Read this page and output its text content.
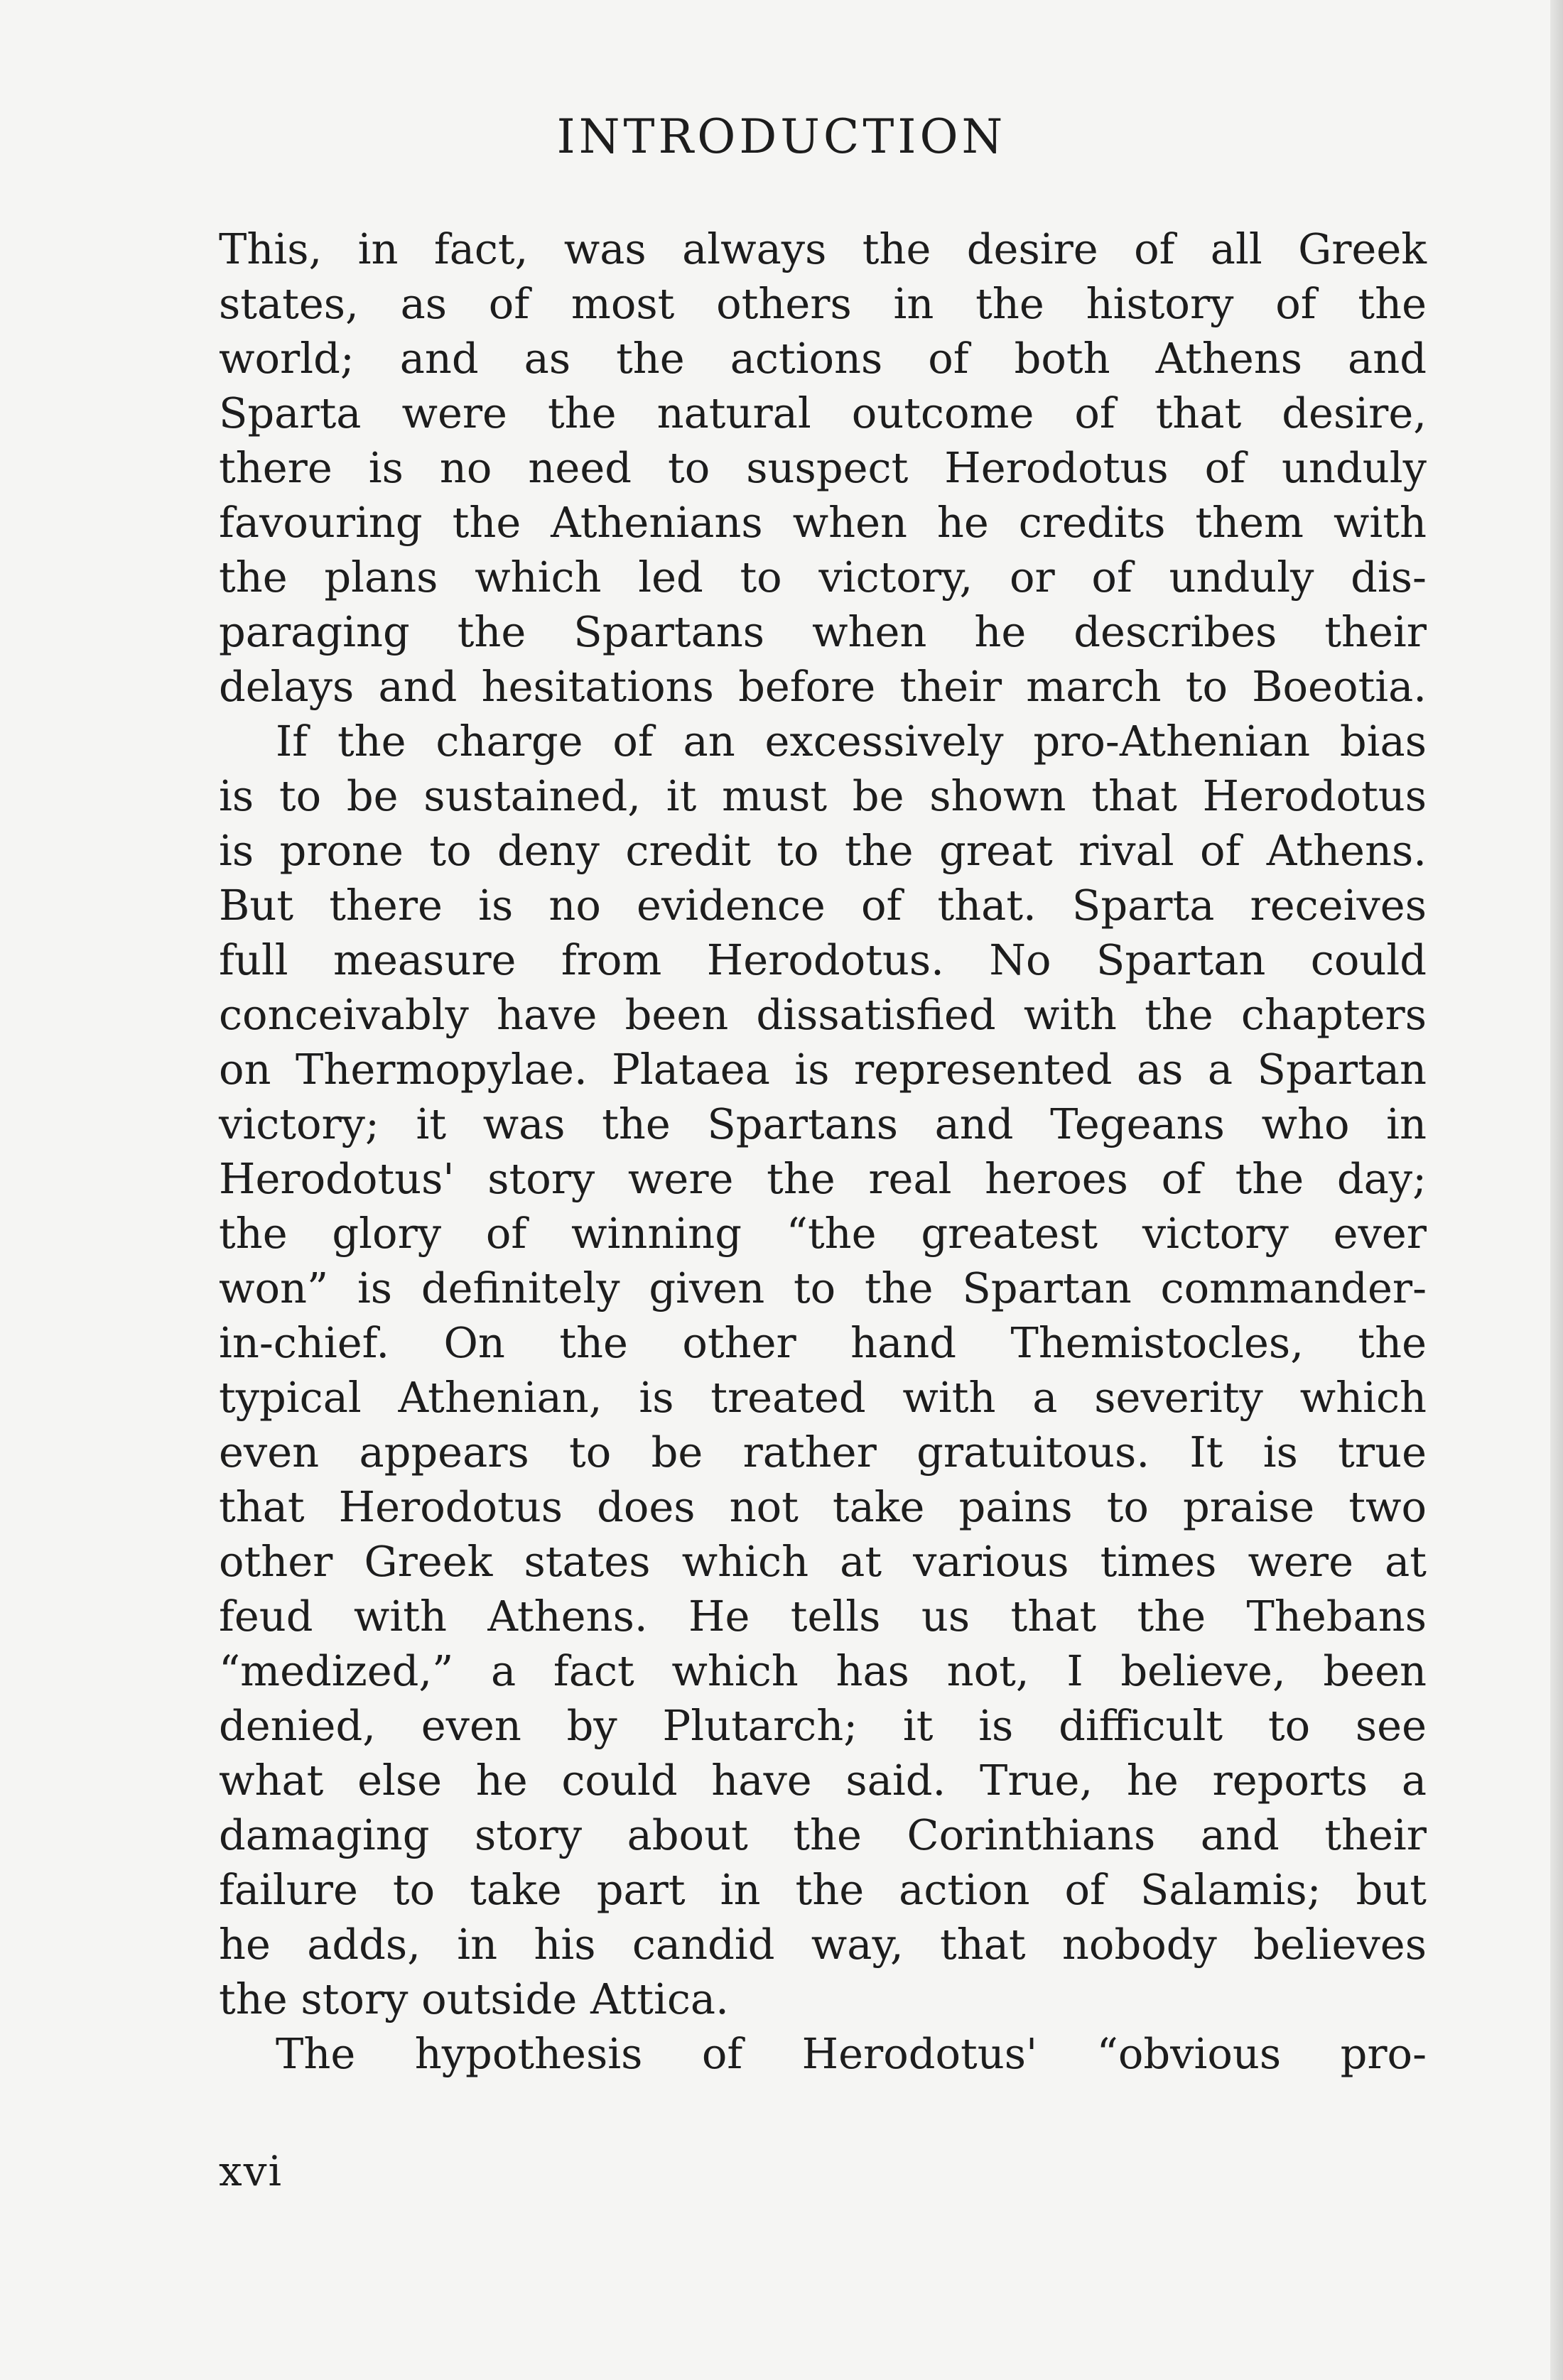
INTRODUCTION
This, in fact, was always the desire of all Greek
states, as of most others in the history of the
world; and as the actions of both Athens and
Sparta were the natural outcome of that desire,
there is no need to suspect Herodotus of unduly
favouring the Athenians when he credits them with
the plans which led to victory, or of unduly dis-
paraging the Spartans when he describes their
delays and hesitations before their march to Boeotia.
If the charge of an excessively pro-Athenian bias
is to be sustained, it must be shown that Herodotus
is prone to deny credit to the great rival of Athens.
But there is no evidence of that. Sparta receives
full measure from Herodotus. No Spartan could
conceivably have been dissatisfied with the chapters
on Thermopylae. Plataea is represented as a Spartan
victory; it was the Spartans and Tegeans who in
Herodotus' story were the real heroes of the day;
the glory of winning “the greatest victory ever
won” is definitely given to the Spartan commander-
in-chief. On the other hand Themistocles, the
typical Athenian, is treated with a severity which
even appears to be rather gratuitous. It is true
that Herodotus does not take pains to praise two
other Greek states which at various times were at
feud with Athens. He tells us that the Thebans
“medized,” a fact which has not, I believe, been
denied, even by Plutarch; it is difficult to see
what else he could have said. True, he reports a
damaging story about the Corinthians and their
failure to take part in the action of Salamis; but
he adds, in his candid way, that nobody believes
the story outside Attica.
The hypothesis of Herodotus' “obvious pro-
xvi
